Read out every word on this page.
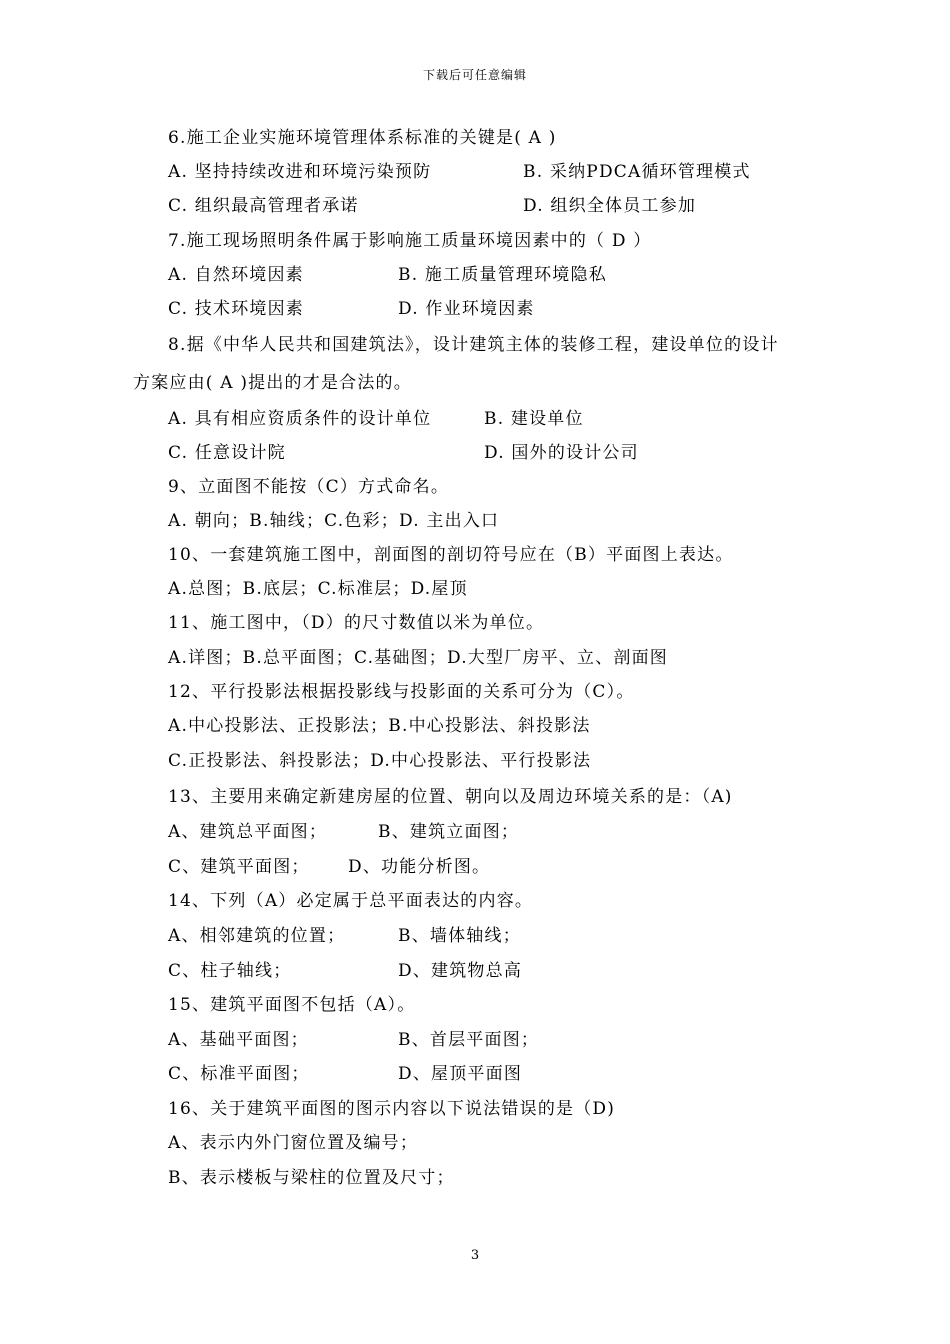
下载后可任意编辑
6.施工企业实施环境管理体系标准的关键是( A )
A. 坚持持续改进和环境污染预防	B. 采纳PDCA循环管理模式
C. 组织最高管理者承诺	D. 组织全体员工参加
7.施工现场照明条件属于影响施工质量环境因素中的（ D ）
A. 自然环境因素	B. 施工质量管理环境隐私
C. 技术环境因素	D. 作业环境因素
8.据《中华人民共和国建筑法》，设计建筑主体的装修工程，建设单位的设计
方案应由( A )提出的才是合法的。
A. 具有相应资质条件的设计单位	B. 建设单位
C. 任意设计院	D. 国外的设计公司
9、立面图不能按（C）方式命名。
A. 朝向；B.轴线；C.色彩；D. 主出入口
10、一套建筑施工图中，剖面图的剖切符号应在（B）平面图上表达。
A.总图；B.底层；C.标准层；D.屋顶
11、施工图中，（D）的尺寸数值以米为单位。
A.详图；B.总平面图；C.基础图；D.大型厂房平、立、剖面图
12、平行投影法根据投影线与投影面的关系可分为（C）。
A.中心投影法、正投影法；B.中心投影法、斜投影法
C.正投影法、斜投影法；D.中心投影法、平行投影法
13、主要用来确定新建房屋的位置、朝向以及周边环境关系的是：（A)
A、建筑总平面图；	B、建筑立面图；
C、建筑平面图； D、功能分析图。
14、下列（A）必定属于总平面表达的内容。
A、相邻建筑的位置；	B、墙体轴线；
C、柱子轴线；	D、建筑物总高
15、建筑平面图不包括（A）。
A、基础平面图；	B、首层平面图；
C、标准平面图；	D、屋顶平面图
16、关于建筑平面图的图示内容以下说法错误的是（D)
A、表示内外门窗位置及编号；
B、表示楼板与梁柱的位置及尺寸；
3
